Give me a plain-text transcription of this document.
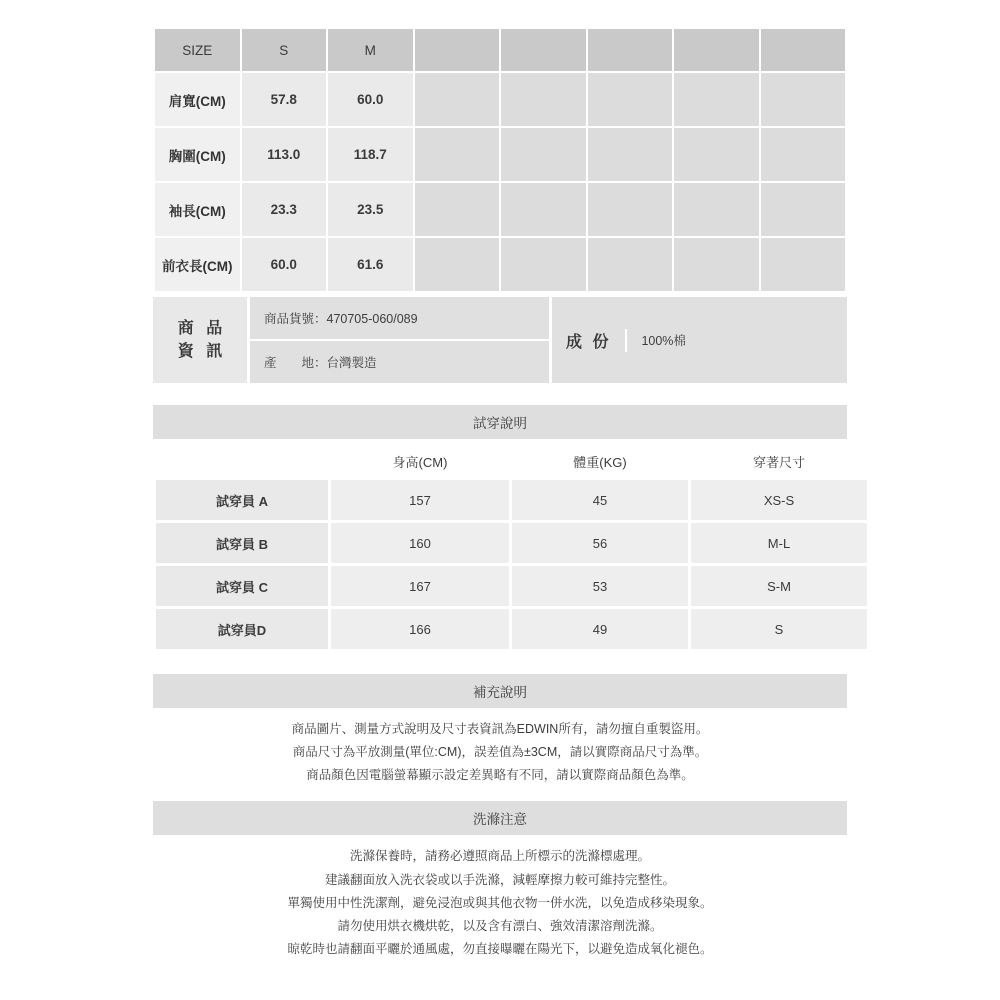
SIZE	S	M					
肩寬(CM)	57.8	60.0					
胸圍(CM)	113.0	118.7					
袖長(CM)	23.3	23.5					
前衣長(CM)	60.0	61.6					
商 品
資 訊
商品貨號：470705-060/089
產　　地：台灣製造
成 份	100%棉
試穿說明
	身高(CM)	體重(KG)	穿著尺寸
試穿員 A	157	45	XS-S
試穿員 B	160	56	M-L
試穿員 C	167	53	S-M
試穿員D	166	49	S
補充說明
商品圖片、測量方式說明及尺寸表資訊為EDWIN所有，請勿擅自重製盜用。
商品尺寸為平放測量(單位:CM)，誤差值為±3CM，請以實際商品尺寸為準。
商品顏色因電腦螢幕顯示設定差異略有不同，請以實際商品顏色為準。
洗滌注意
洗滌保養時，請務必遵照商品上所標示的洗滌標處理。
建議翻面放入洗衣袋或以手洗滌，減輕摩擦力較可維持完整性。
單獨使用中性洗潔劑，避免浸泡或與其他衣物一併水洗，以免造成移染現象。
請勿使用烘衣機烘乾，以及含有漂白、強效清潔溶劑洗滌。
晾乾時也請翻面平曬於通風處，勿直接曝曬在陽光下，以避免造成氧化褪色。
